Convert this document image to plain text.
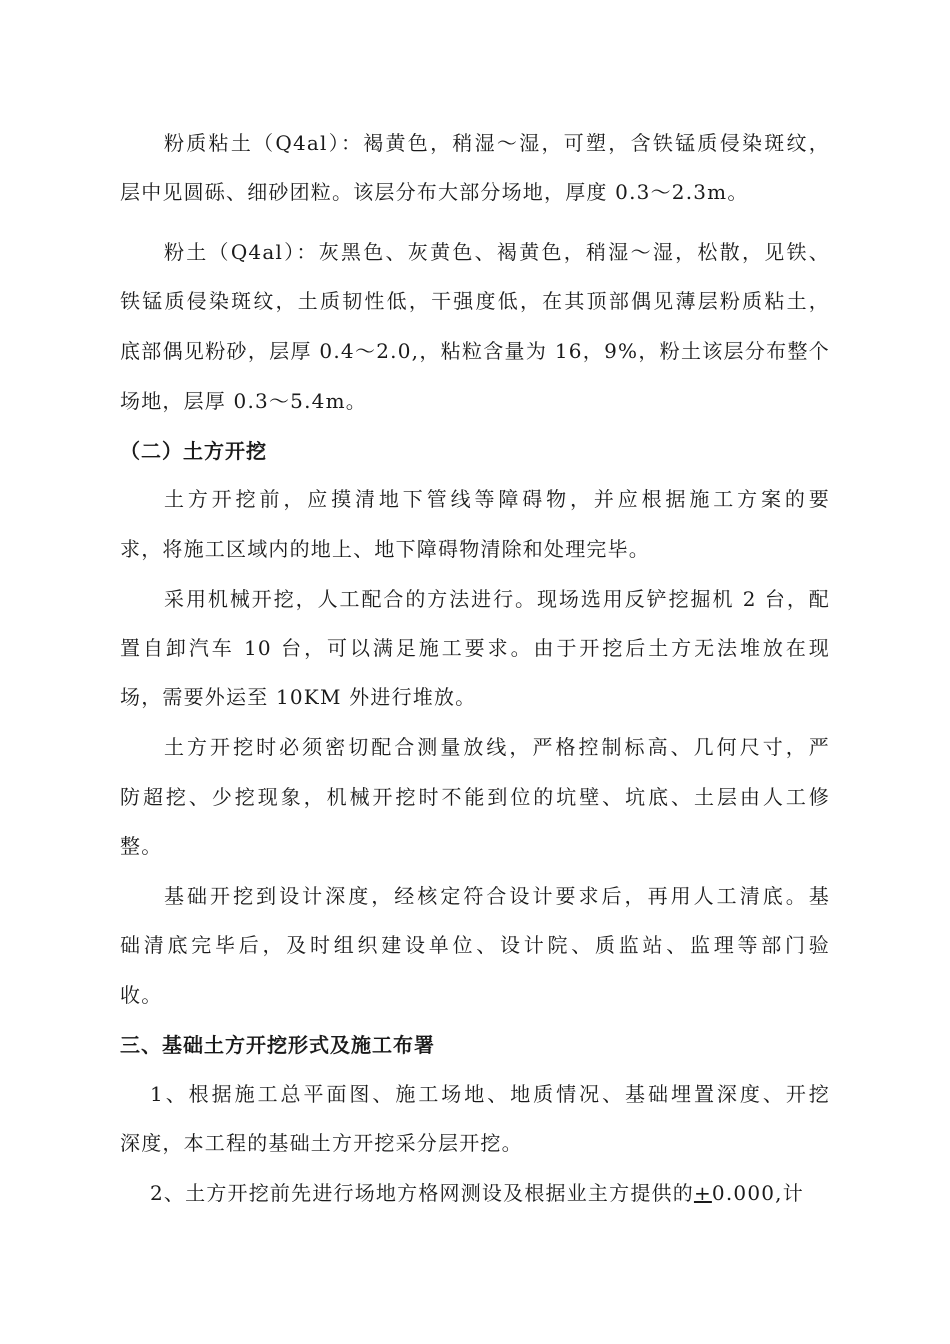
粉质粘土（Q4al）：褐黄色，稍湿～湿，可塑，含铁锰质侵染斑纹，
层中见圆砾、细砂团粒。该层分布大部分场地，厚度 0.3～2.3m。
粉土（Q4al）：灰黑色、灰黄色、褐黄色，稍湿～湿，松散，见铁、
铁锰质侵染斑纹，土质韧性低，干强度低，在其顶部偶见薄层粉质粘土，
底部偶见粉砂，层厚 0.4～2.0,，粘粒含量为 16，9%，粉土该层分布整个
场地，层厚 0.3～5.4m。
（二）土方开挖
土方开挖前，应摸清地下管线等障碍物，并应根据施工方案的要
求，将施工区域内的地上、地下障碍物清除和处理完毕。
采用机械开挖，人工配合的方法进行。现场选用反铲挖掘机 2 台，配
置自卸汽车 10 台，可以满足施工要求。由于开挖后土方无法堆放在现
场，需要外运至 10KM 外进行堆放。
土方开挖时必须密切配合测量放线，严格控制标高、几何尺寸，严
防超挖、少挖现象，机械开挖时不能到位的坑壁、坑底、土层由人工修
整。
基础开挖到设计深度，经核定符合设计要求后，再用人工清底。基
础清底完毕后，及时组织建设单位、设计院、质监站、监理等部门验
收。
三、基础土方开挖形式及施工布署
1、根据施工总平面图、施工场地、地质情况、基础埋置深度、开挖
深度，本工程的基础土方开挖采分层开挖。
2、土方开挖前先进行场地方格网测设及根据业主方提供的+0.000,计
